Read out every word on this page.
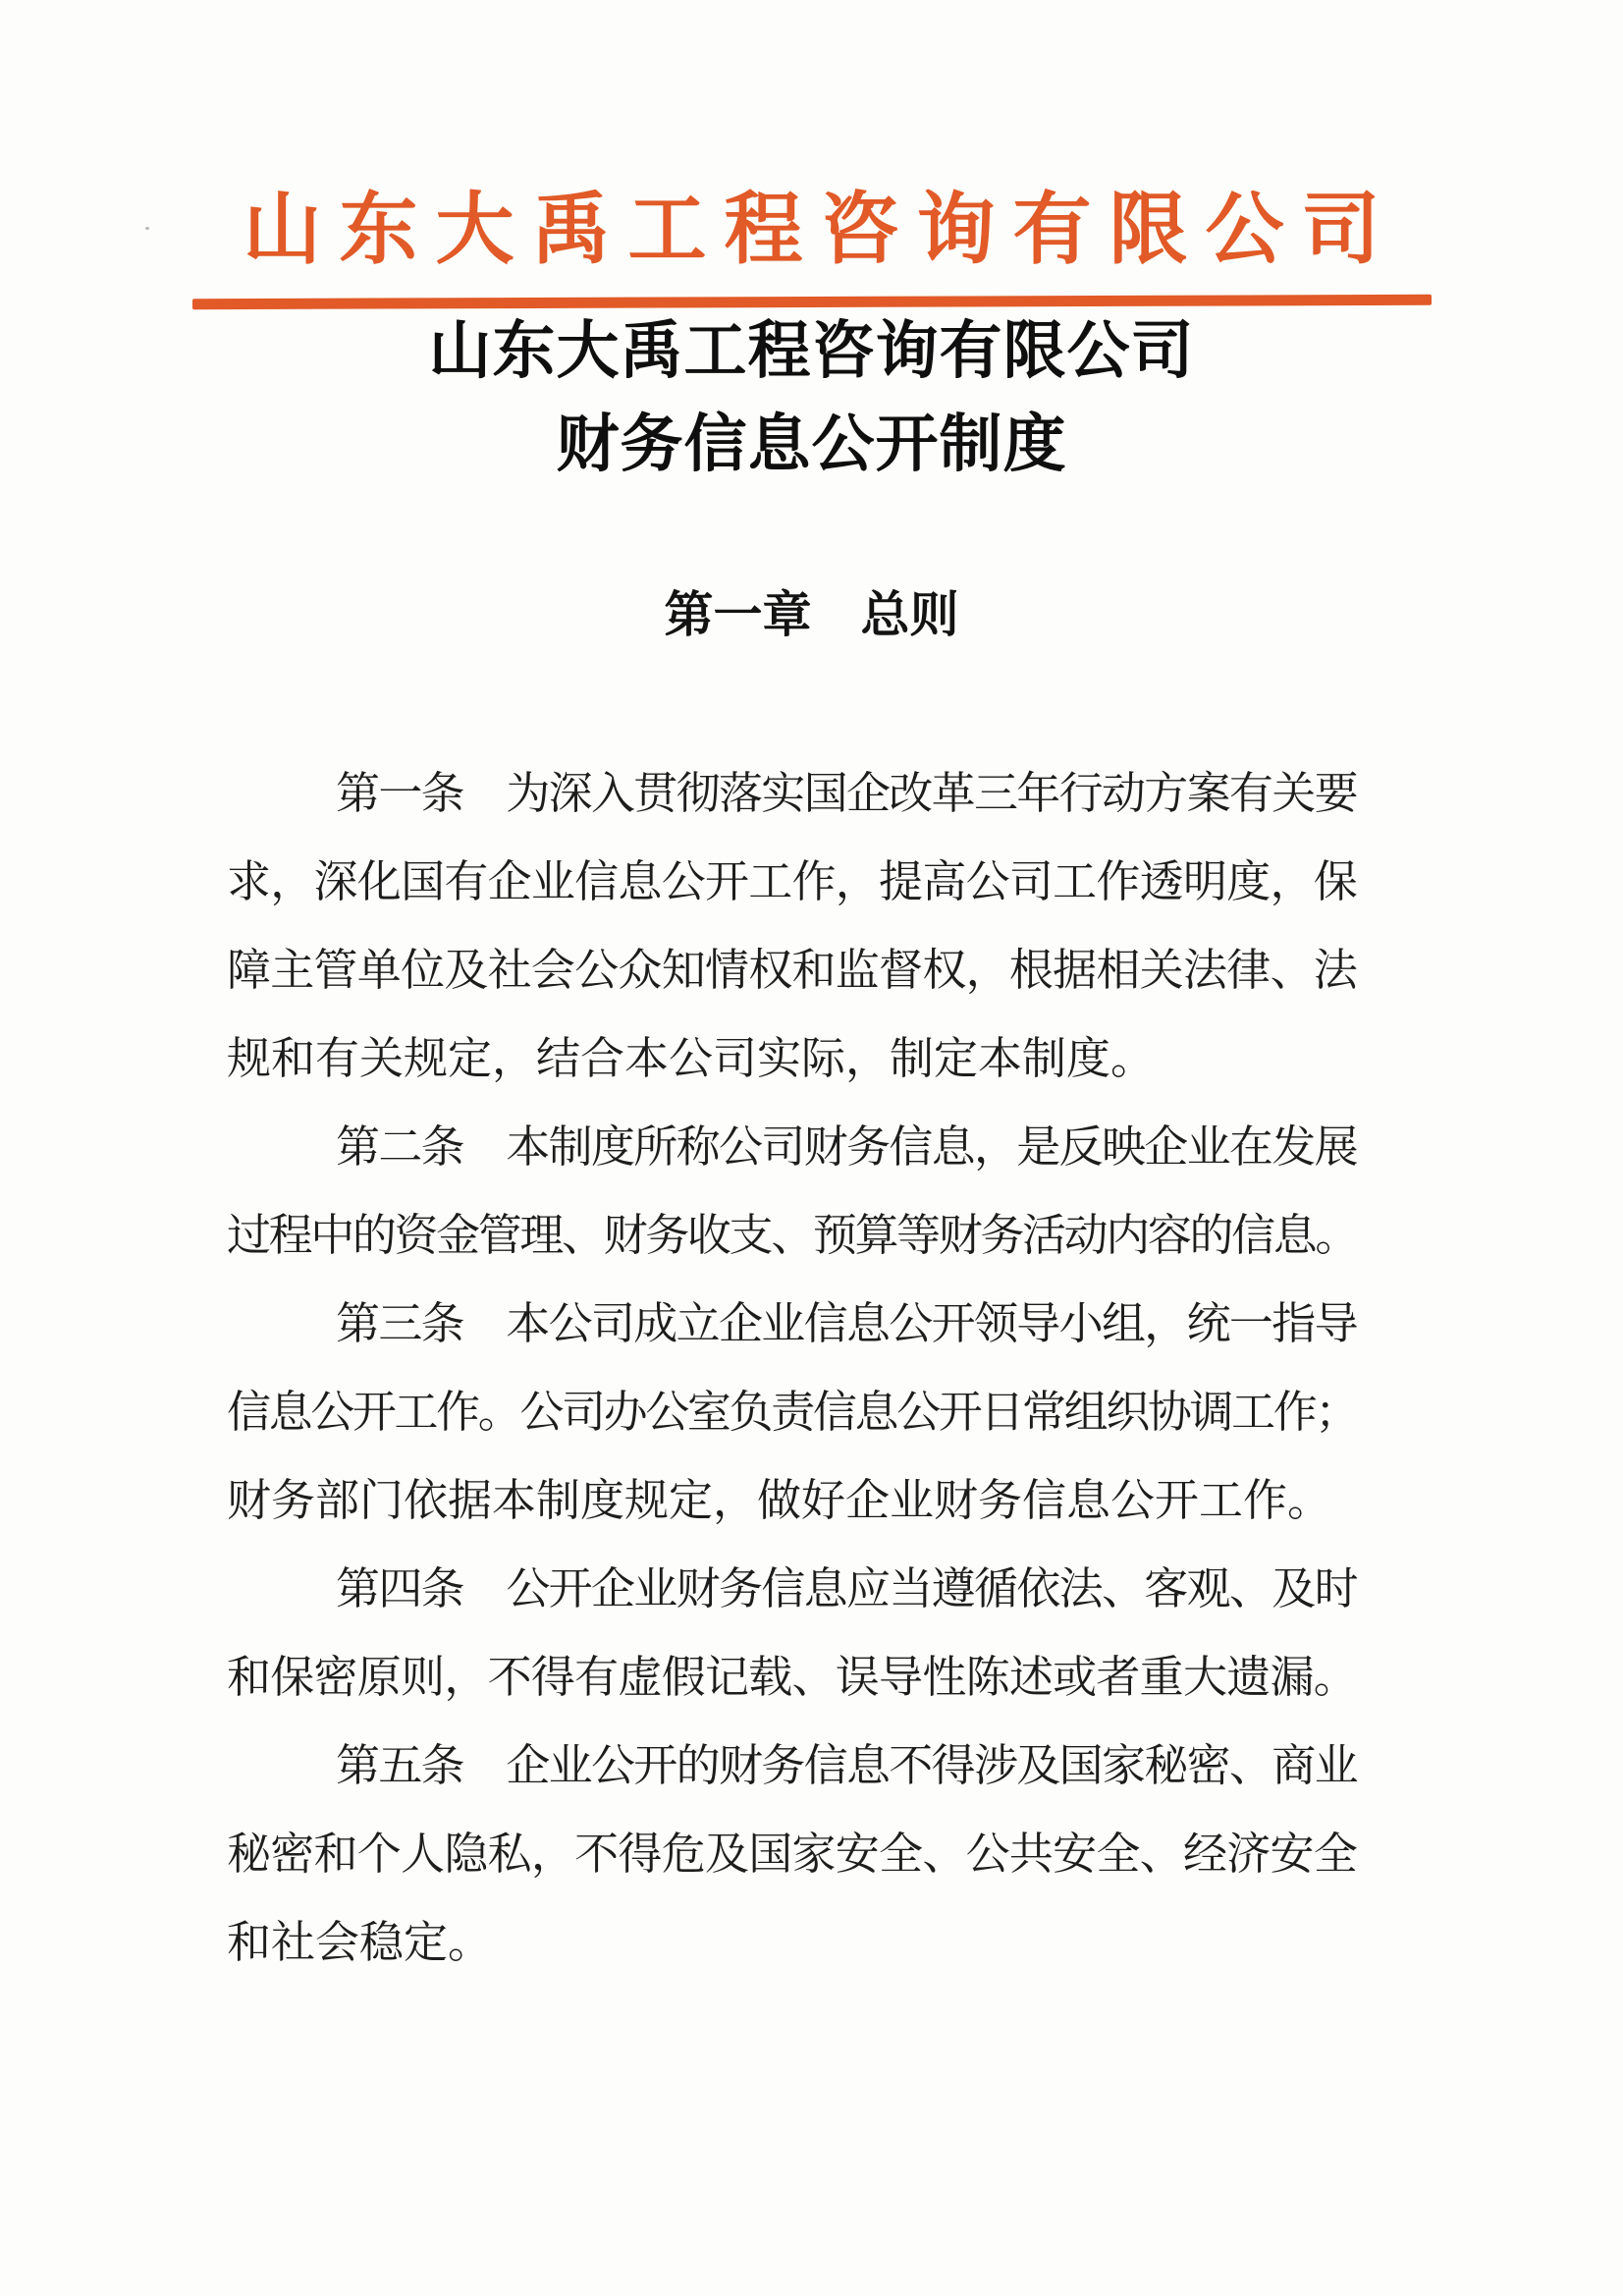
山东大禹工程咨询有限公司
山东大禹工程咨询有限公司
财务信息公开制度
第一章　总则
第一条　为深入贯彻落实国企改革三年行动方案有关要
求，深化国有企业信息公开工作，提高公司工作透明度，保
障主管单位及社会公众知情权和监督权，根据相关法律、法
规和有关规定，结合本公司实际，制定本制度。
第二条　本制度所称公司财务信息，是反映企业在发展
过程中的资金管理、财务收支、预算等财务活动内容的信息。
第三条　本公司成立企业信息公开领导小组，统一指导
信息公开工作。公司办公室负责信息公开日常组织协调工作；
财务部门依据本制度规定，做好企业财务信息公开工作。
第四条　公开企业财务信息应当遵循依法、客观、及时
和保密原则，不得有虚假记载、误导性陈述或者重大遗漏。
第五条　企业公开的财务信息不得涉及国家秘密、商业
秘密和个人隐私，不得危及国家安全、公共安全、经济安全
和社会稳定。
